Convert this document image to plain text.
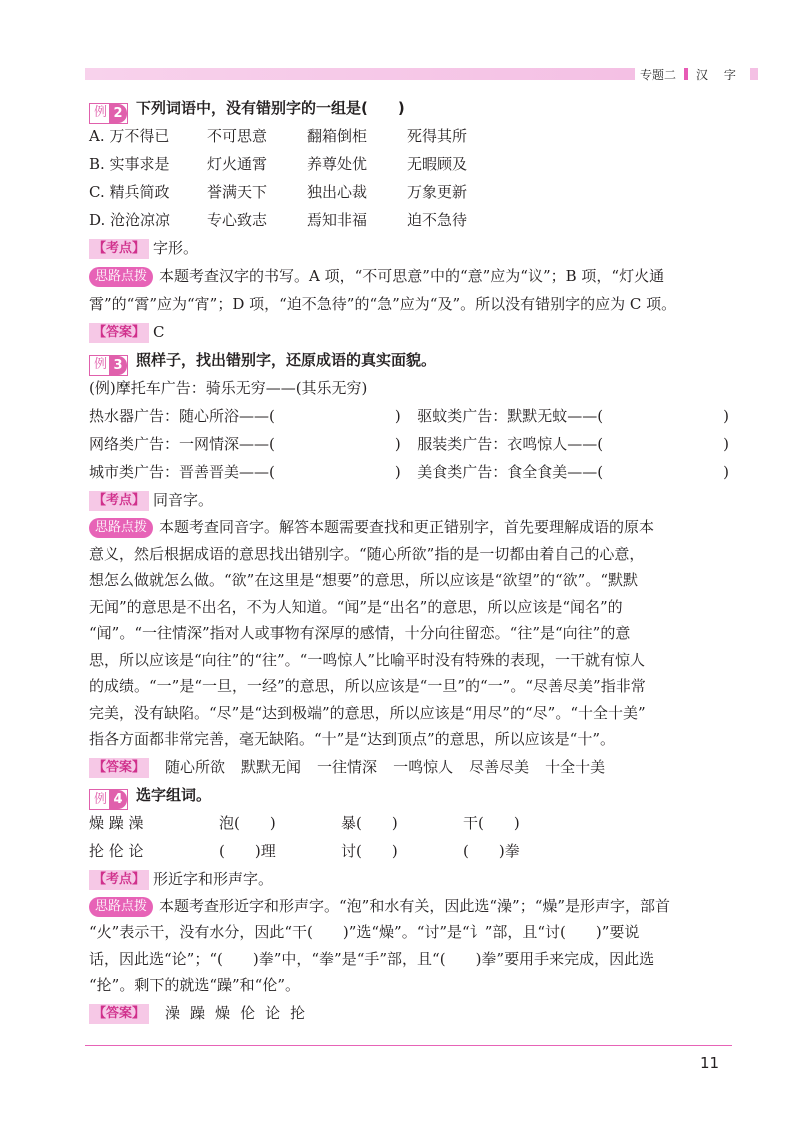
专题二 汉 字
例 2 下列词语中，没有错别字的一组是(　　)
A. 万不得已	不可思意	翻箱倒柜	死得其所
B. 实事求是	灯火通霄	养尊处优	无暇顾及
C. 精兵简政	誉满天下	独出心裁	万象更新
D. 沧沧凉凉	专心致志	焉知非福	迫不急待
【考点】 字形。
思路点拨 本题考查汉字的书写。A 项，“不可思意”中的“意”应为“议”；B 项，“灯火通
霄”的“霄”应为“宵”；D 项，“迫不急待”的“急”应为“及”。所以没有错别字的应为 C 项。
【答案】 C
例 3 照样子，找出错别字，还原成语的真实面貌。
(例)摩托车广告：骑乐无穷——(其乐无穷)
热水器广告：随心所浴——(　　　　　　　　)	驱蚊类广告：默默无蚊——(　　　　　　　　)
网络类广告：一网情深——(　　　　　　　　)	服装类广告：衣鸣惊人——(　　　　　　　　)
城市类广告：晋善晋美——(　　　　　　　　)	美食类广告：食全食美——(　　　　　　　　)
【考点】 同音字。
思路点拨 本题考查同音字。解答本题需要查找和更正错别字，首先要理解成语的原本
意义，然后根据成语的意思找出错别字。“随心所欲”指的是一切都由着自己的心意，
想怎么做就怎么做。“欲”在这里是“想要”的意思，所以应该是“欲望”的“欲”。“默默
无闻”的意思是不出名，不为人知道。“闻”是“出名”的意思，所以应该是“闻名”的
“闻”。“一往情深”指对人或事物有深厚的感情，十分向往留恋。“往”是“向往”的意
思，所以应该是“向往”的“往”。“一鸣惊人”比喻平时没有特殊的表现，一干就有惊人
的成绩。“一”是“一旦，一经”的意思，所以应该是“一旦”的“一”。“尽善尽美”指非常
完美，没有缺陷。“尽”是“达到极端”的意思，所以应该是“用尽”的“尽”。“十全十美”
指各方面都非常完善，毫无缺陷。“十”是“达到顶点”的意思，所以应该是“十”。
【答案】 随心所欲 默默无闻 一往情深 一鸣惊人 尽善尽美 十全十美
例 4 选字组词。
燥 躁 澡	泡(　　)	暴(　　)	干(　　)
抡 伦 论	(　　)理	讨(　　)	(　　)拳
【考点】 形近字和形声字。
思路点拨 本题考查形近字和形声字。“泡”和水有关，因此选“澡”；“燥”是形声字，部首
“火”表示干，没有水分，因此“干(　　)”选“燥”。“讨”是“讠”部，且“讨(　　)”要说
话，因此选“论”；“(　　)拳”中，“拳”是“手”部，且“(　　)拳”要用手来完成，因此选
“抡”。剩下的就选“躁”和“伦”。
【答案】 澡 躁 燥 伦 论 抡
11
